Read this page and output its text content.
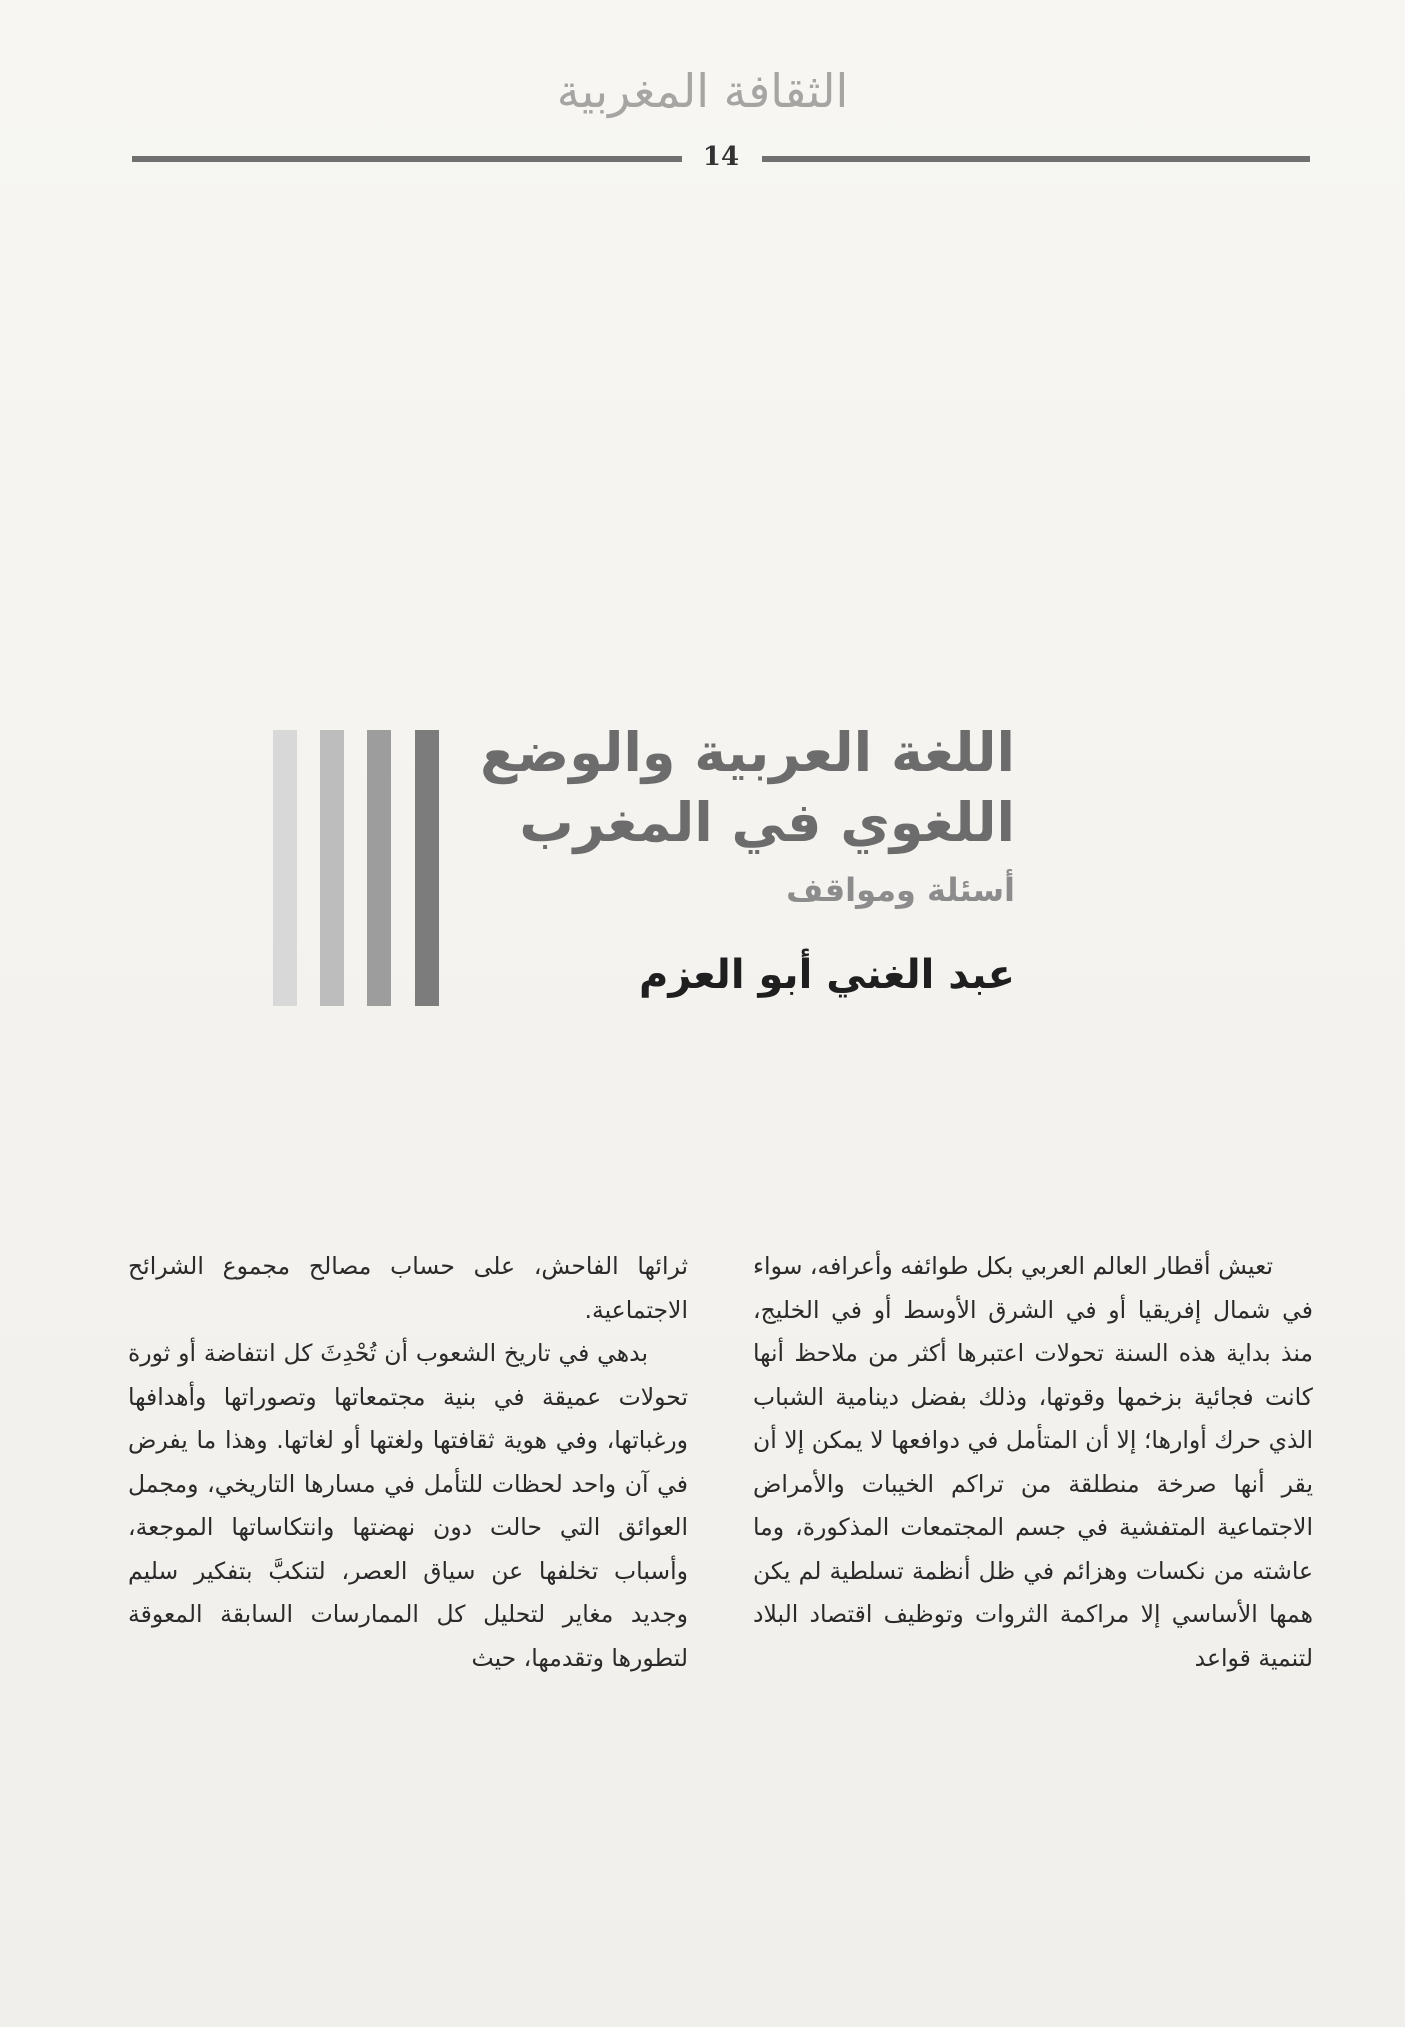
الثقافة المغربية
14
اللغة العربية والوضع
اللغوي في المغرب
أسئلة ومواقف
عبد الغني أبو العزم

تعيش أقطار العالم العربي بكل طوائفه وأعرافه، سواء في شمال إفريقيا أو في الشرق الأوسط أو في الخليج، منذ بداية هذه السنة تحولات اعتبرها أكثر من ملاحظ أنها كانت فجائية بزخمها وقوتها، وذلك بفضل دينامية الشباب الذي حرك أوارها؛ إلا أن المتأمل في دوافعها لا يمكن إلا أن يقر أنها صرخة منطلقة من تراكم الخيبات والأمراض الاجتماعية المتفشية في جسم المجتمعات المذكورة، وما عاشته من نكسات وهزائم في ظل أنظمة تسلطية لم يكن همها الأساسي إلا مراكمة الثروات وتوظيف اقتصاد البلاد لتنمية قواعد

ثرائها الفاحش، على حساب مصالح مجموع الشرائح الاجتماعية.

بدهي في تاريخ الشعوب أن تُحْدِثَ كل انتفاضة أو ثورة تحولات عميقة في بنية مجتمعاتها وتصوراتها وأهدافها ورغباتها، وفي هوية ثقافتها ولغتها أو لغاتها. وهذا ما يفرض في آن واحد لحظات للتأمل في مسارها التاريخي، ومجمل العوائق التي حالت دون نهضتها وانتكاساتها الموجعة، وأسباب تخلفها عن سياق العصر، لتنكبَّ بتفكير سليم وجديد مغاير لتحليل كل الممارسات السابقة المعوقة لتطورها وتقدمها، حيث
